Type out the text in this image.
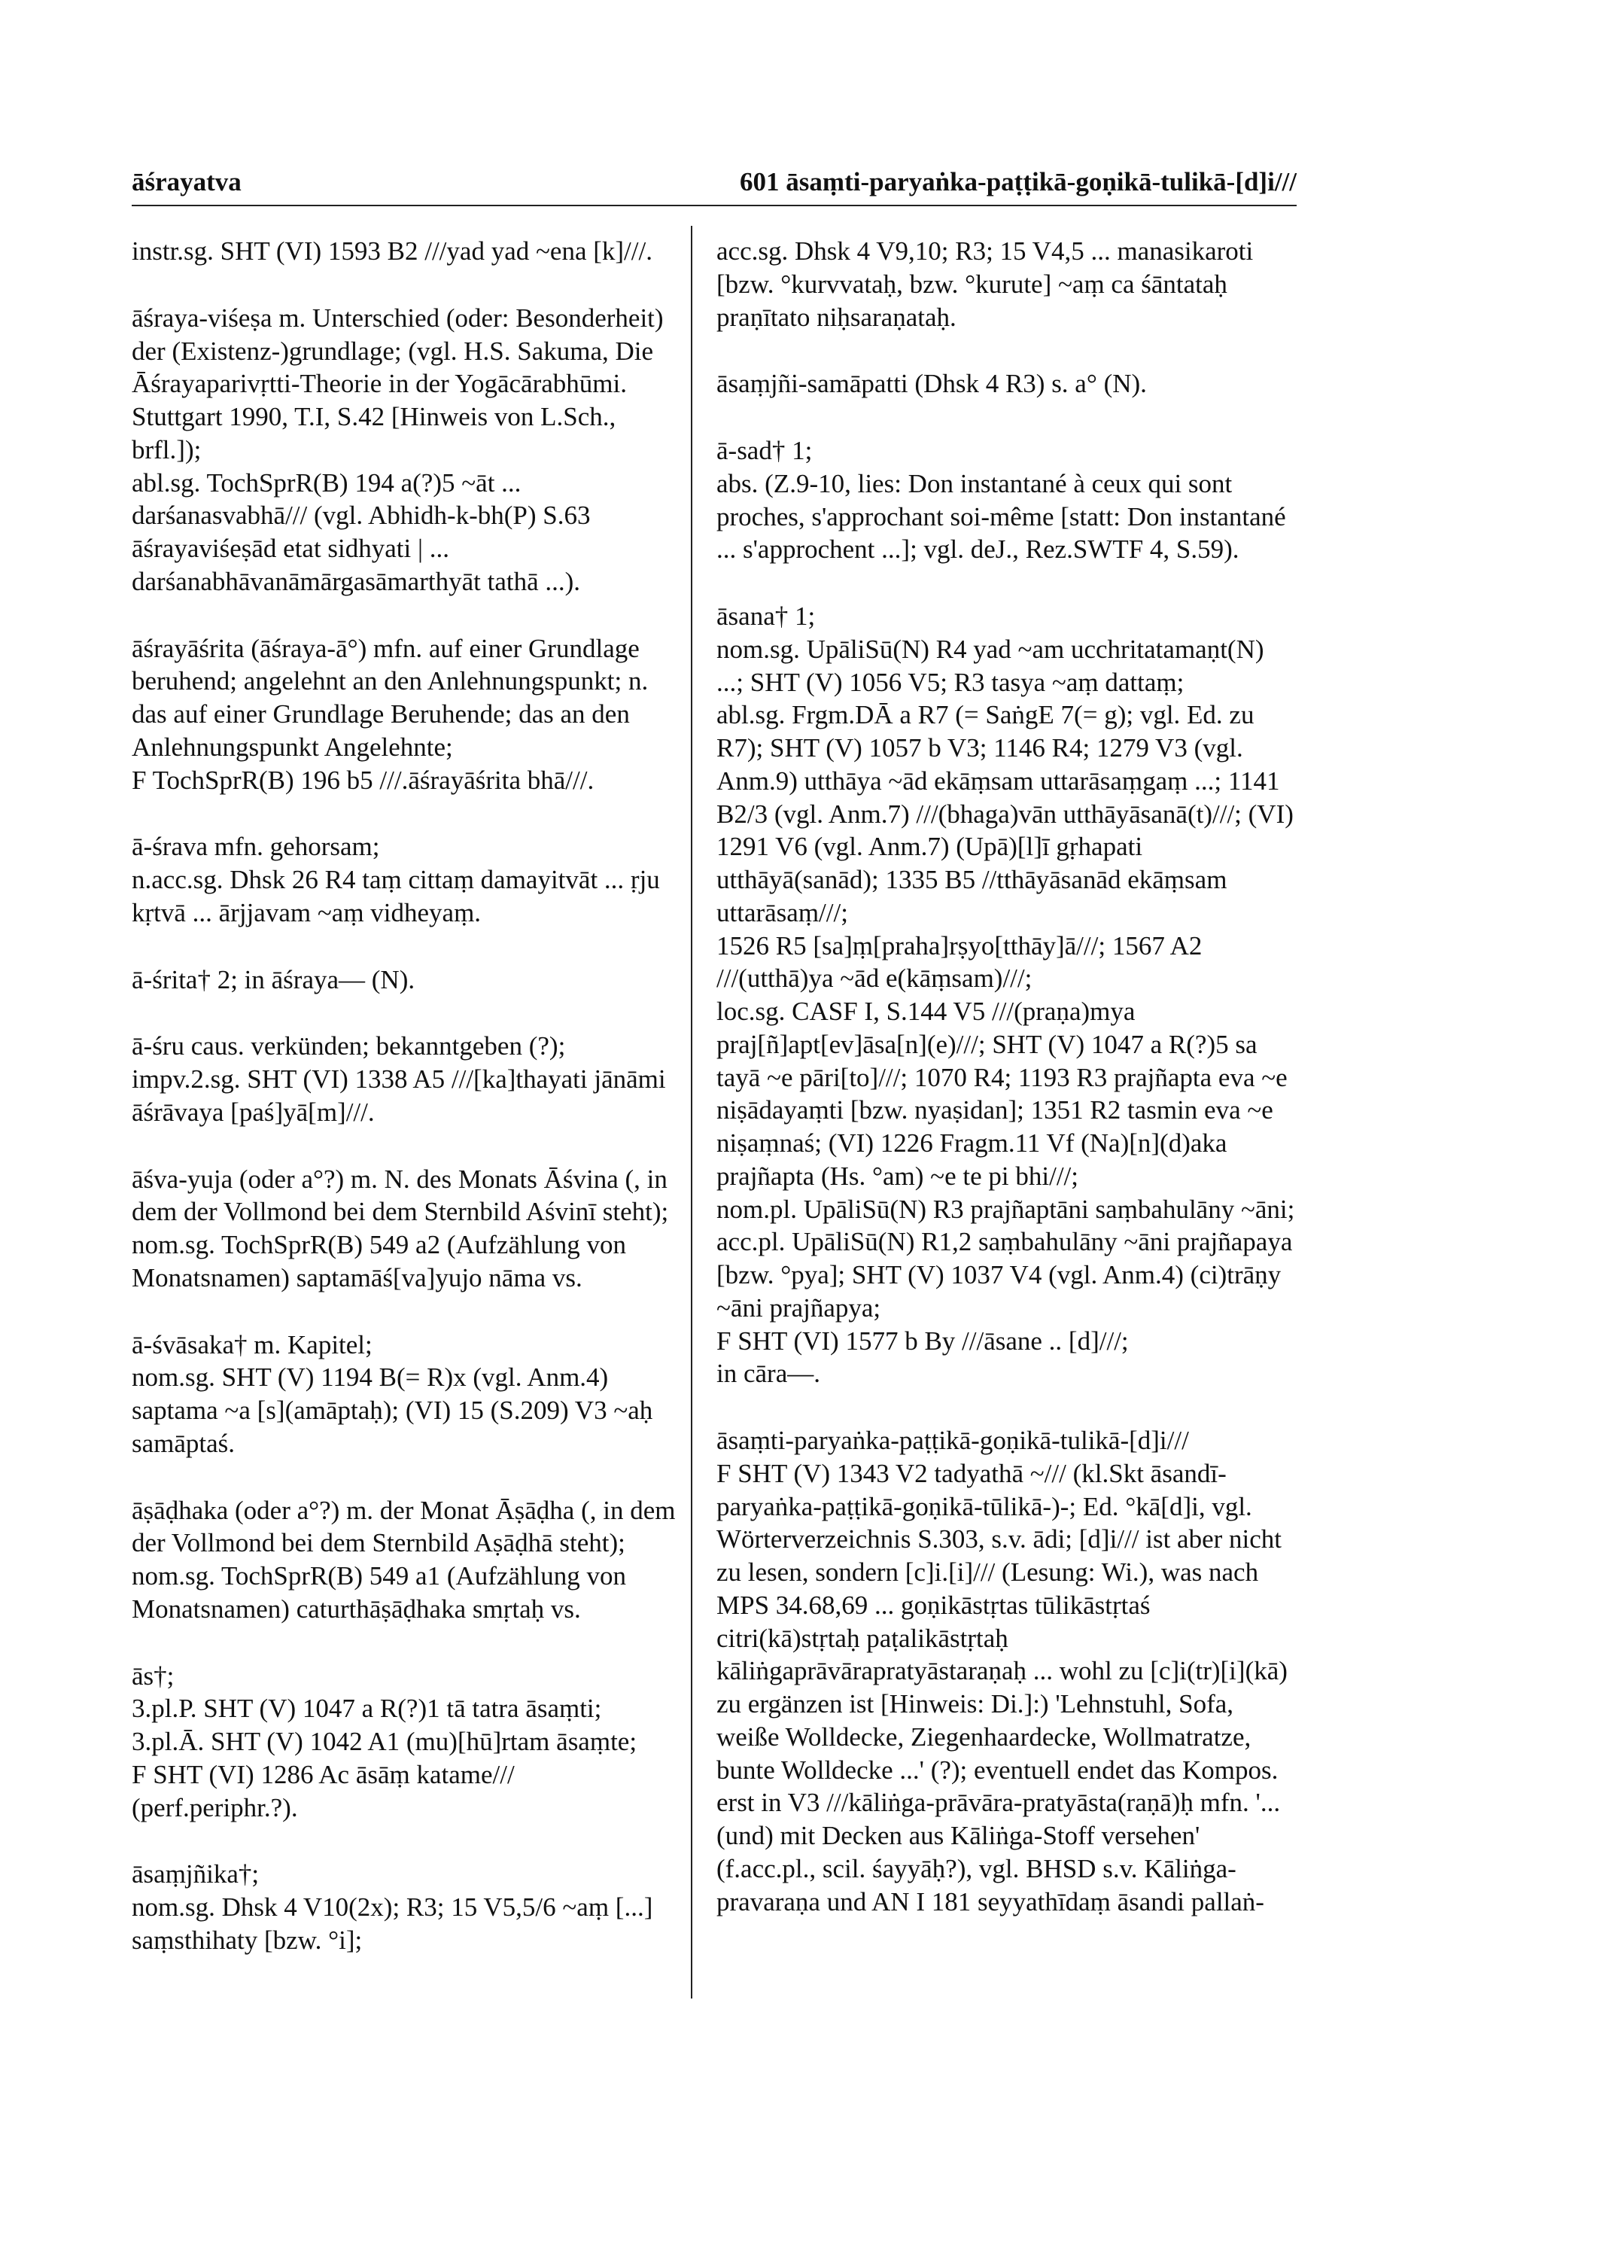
āśrayatva	601 āsaṃti-paryaṅka-paṭṭikā-goṇikā-tulikā-[d]i///

instr.sg. SHT (VI) 1593 B2 ///yad yad ~ena [k]///.

āśraya-viśeṣa m. Unterschied (oder: Besonderheit) der (Existenz-)grundlage; (vgl. H.S. Sakuma, Die Āśrayaparivṛtti-Theorie in der Yogācārabhūmi. Stuttgart 1990, T.I, S.42 [Hinweis von L.Sch., brfl.]);

abl.sg. TochSprR(B) 194 a(?)5 ~āt ... darśanasvabhā/// (vgl. Abhidh-k-bh(P) S.63 āśrayaviśeṣād etat sidhyati | ... darśanabhāvanāmārgasāmarthyāt tathā ...).

āśrayāśrita (āśraya-ā°) mfn. auf einer Grundlage beruhend; angelehnt an den Anlehnungspunkt; n. das auf einer Grundlage Beruhende; das an den Anlehnungspunkt Angelehnte;

F TochSprR(B) 196 b5 ///.āśrayāśrita bhā///.

ā-śrava mfn. gehorsam;

n.acc.sg. Dhsk 26 R4 taṃ cittaṃ damayitvāt ... ṛju kṛtvā ... ārjjavam ~aṃ vidheyaṃ.

ā-śrita† 2; in āśraya— (N).

ā-śru caus. verkünden; bekanntgeben (?);

impv.2.sg. SHT (VI) 1338 A5 ///[ka]thayati jānāmi āśrāvaya [paś]yā[m]///.

āśva-yuja (oder a°?) m. N. des Monats Āśvina (, in dem der Vollmond bei dem Sternbild Aśvinī steht);

nom.sg. TochSprR(B) 549 a2 (Aufzählung von Monatsnamen) saptamāś[va]yujo nāma vs.

ā-śvāsaka† m. Kapitel;

nom.sg. SHT (V) 1194 B(= R)x (vgl. Anm.4) saptama ~a [s](amāptaḥ); (VI) 15 (S.209) V3 ~aḥ samāptaś.

āṣāḍhaka (oder a°?) m. der Monat Āṣāḍha (, in dem der Vollmond bei dem Sternbild Aṣāḍhā steht);

nom.sg. TochSprR(B) 549 a1 (Aufzählung von Monatsnamen) caturthāṣāḍhaka smṛtaḥ vs.

ās†;

3.pl.P. SHT (V) 1047 a R(?)1 tā tatra āsaṃti;

3.pl.Ā. SHT (V) 1042 A1 (mu)[hū]rtam āsaṃte;

F SHT (VI) 1286 Ac āsāṃ katame/// (perf.periphr.?).

āsaṃjñika†;

nom.sg. Dhsk 4 V10(2x); R3; 15 V5,5/6 ~aṃ [...] saṃsthihaty [bzw. °i];

acc.sg. Dhsk 4 V9,10; R3; 15 V4,5 ... manasikaroti [bzw. °kurvvataḥ, bzw. °kurute] ~aṃ ca śāntataḥ praṇītato niḥsaraṇataḥ.

āsaṃjñi-samāpatti (Dhsk 4 R3) s. a° (N).

ā-sad† 1;

abs. (Z.9-10, lies: Don instantané à ceux qui sont proches, s'approchant soi-même [statt: Don instantané ... s'approchent ...]; vgl. deJ., Rez.SWTF 4, S.59).

āsana† 1;

nom.sg. UpāliSū(N) R4 yad ~am ucchritatamaṇt(N) ...; SHT (V) 1056 V5; R3 tasya ~aṃ dattaṃ;

abl.sg. Frgm.DĀ a R7 (= SaṅgE 7(= g); vgl. Ed. zu R7); SHT (V) 1057 b V3; 1146 R4; 1279 V3 (vgl. Anm.9) utthāya ~ād ekāṃsam uttarāsaṃgaṃ ...; 1141 B2/3 (vgl. Anm.7) ///(bhaga)vān utthāyāsanā(t)///; (VI) 1291 V6 (vgl. Anm.7) (Upā)[l]ī gṛhapati utthāyā(sanād); 1335 B5 //tthāyāsanād ekāṃsam uttarāsaṃ///;

1526 R5 [sa]ṃ[praha]rṣyo[tthāy]ā///; 1567 A2 ///(utthā)ya ~ād e(kāṃsam)///;

loc.sg. CASF I, S.144 V5 ///(praṇa)mya praj[ñ]apt[ev]āsa[n](e)///; SHT (V) 1047 a R(?)5 sa tayā ~e pāri[to]///; 1070 R4; 1193 R3 prajñapta eva ~e niṣādayaṃti [bzw. nyaṣidan]; 1351 R2 tasmin eva ~e niṣaṃnaś; (VI) 1226 Fragm.11 Vf (Na)[n](d)aka prajñapta (Hs. °am) ~e te pi bhi///;

nom.pl. UpāliSū(N) R3 prajñaptāni saṃbahulāny ~āni;

acc.pl. UpāliSū(N) R1,2 saṃbahulāny ~āni prajñapaya [bzw. °pya]; SHT (V) 1037 V4 (vgl. Anm.4) (ci)trāṇy ~āni prajñapya;

F SHT (VI) 1577 b By ///āsane .. [d]///;

in cāra—.

āsaṃti-paryaṅka-paṭṭikā-goṇikā-tulikā-[d]i///

F SHT (V) 1343 V2 tadyathā ~/// (kl.Skt āsandī-paryaṅka-paṭṭikā-goṇikā-tūlikā-)-; Ed. °kā[d]i, vgl. Wörterverzeichnis S.303, s.v. ādi; [d]i/// ist aber nicht zu lesen, sondern [c]i.[i]/// (Lesung: Wi.), was nach MPS 34.68,69 ... goṇikāstṛtas tūlikāstṛtaś citri(kā)stṛtaḥ paṭalikāstṛtaḥ kāliṅgaprāvārapratyāstaraṇaḥ ... wohl zu [c]i(tr)[i](kā) zu ergänzen ist [Hinweis: Di.]:) 'Lehnstuhl, Sofa, weiße Wolldecke, Ziegenhaardecke, Wollmatratze, bunte Wolldecke ...' (?); eventuell endet das Kompos. erst in V3 ///kāliṅga-prāvāra-pratyāsta(raṇā)ḥ mfn. '... (und) mit Decken aus Kāliṅga-Stoff versehen' (f.acc.pl., scil. śayyāḥ?), vgl. BHSD s.v. Kāliṅga-pravaraṇa und AN I 181 seyyathīdaṃ āsandi pallaṅ-
